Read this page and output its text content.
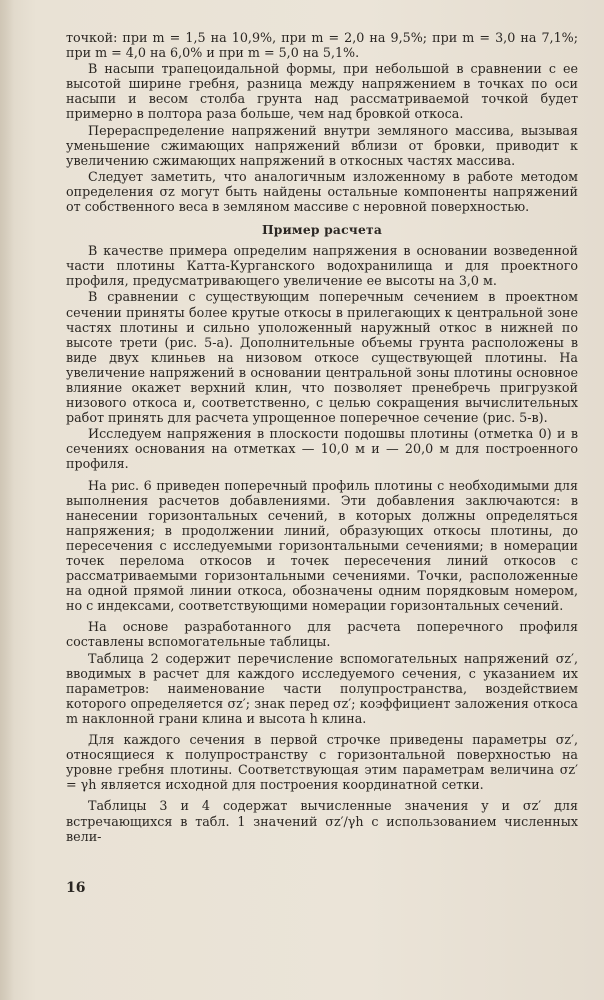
точкой: при m = 1,5 на 10,9%, при m = 2,0 на 9,5%; при m = 3,0 на 7,1%; при m = 4,0 на 6,0% и при m = 5,0 на 5,1%.

В насыпи трапецоидальной формы, при небольшой в сравнении с ее высотой ширине гребня, разница между напряжением в точках по оси насыпи и весом столба грунта над рассматриваемой точкой будет примерно в полтора раза больше, чем над бровкой откоса.

Перераспределение напряжений внутри земляного массива, вызывая уменьшение сжимающих напряжений вблизи от бровки, приводит к увеличению сжимающих напряжений в откосных частях массива.

Следует заметить, что аналогичным изложенному в работе методом определения σz могут быть найдены остальные компоненты напряжений от собственного веса в земляном массиве с неровной поверхностью.

Пример расчета

В качестве примера определим напряжения в основании возведенной части плотины Катта-Курганского водохранилища и для проектного профиля, предусматривающего увеличение ее высоты на 3,0 м.

В сравнении с существующим поперечным сечением в проектном сечении приняты более крутые откосы в прилегающих к центральной зоне частях плотины и сильно уположенный наружный откос в нижней по высоте трети (рис. 5-а). Дополнительные объемы грунта расположены в виде двух клиньев на низовом откосе существующей плотины. На увеличение напряжений в основании центральной зоны плотины основное влияние окажет верхний клин, что позволяет пренебречь пригрузкой низового откоса и, соответственно, с целью сокращения вычислительных работ принять для расчета упрощенное поперечное сечение (рис. 5-в).

Исследуем напряжения в плоскости подошвы плотины (отметка 0) и в сечениях основания на отметках — 10,0 м и — 20,0 м для построенного профиля.

На рис. 6 приведен поперечный профиль плотины с необходимыми для выполнения расчетов добавлениями. Эти добавления заключаются: в нанесении горизонтальных сечений, в которых должны определяться напряжения; в продолжении линий, образующих откосы плотины, до пересечения с исследуемыми горизонтальными сечениями; в номерации точек перелома откосов и точек пересечения линий откосов с рассматриваемыми горизонтальными сечениями. Точки, расположенные на одной прямой линии откоса, обозначены одним порядковым номером, но с индексами, соответствующими номерации горизонтальных сечений.

На основе разработанного для расчета поперечного профиля составлены вспомогательные таблицы.

Таблица 2 содержит перечисление вспомогательных напряжений σz′, вводимых в расчет для каждого исследуемого сечения, с указанием их параметров: наименование части полупространства, воздействием которого определяется σz′; знак перед σz′; коэффициент заложения откоса m наклонной грани клина и высота h клина.

Для каждого сечения в первой строчке приведены параметры σz′, относящиеся к полупространству с горизонтальной поверхностью на уровне гребня плотины. Соответствующая этим параметрам величина σz′ = γh является исходной для построения координатной сетки.

Таблицы 3 и 4 содержат вычисленные значения y и σz′ для встречающихся в табл. 1 значений σz′/γh с использованием численных вели-

16
